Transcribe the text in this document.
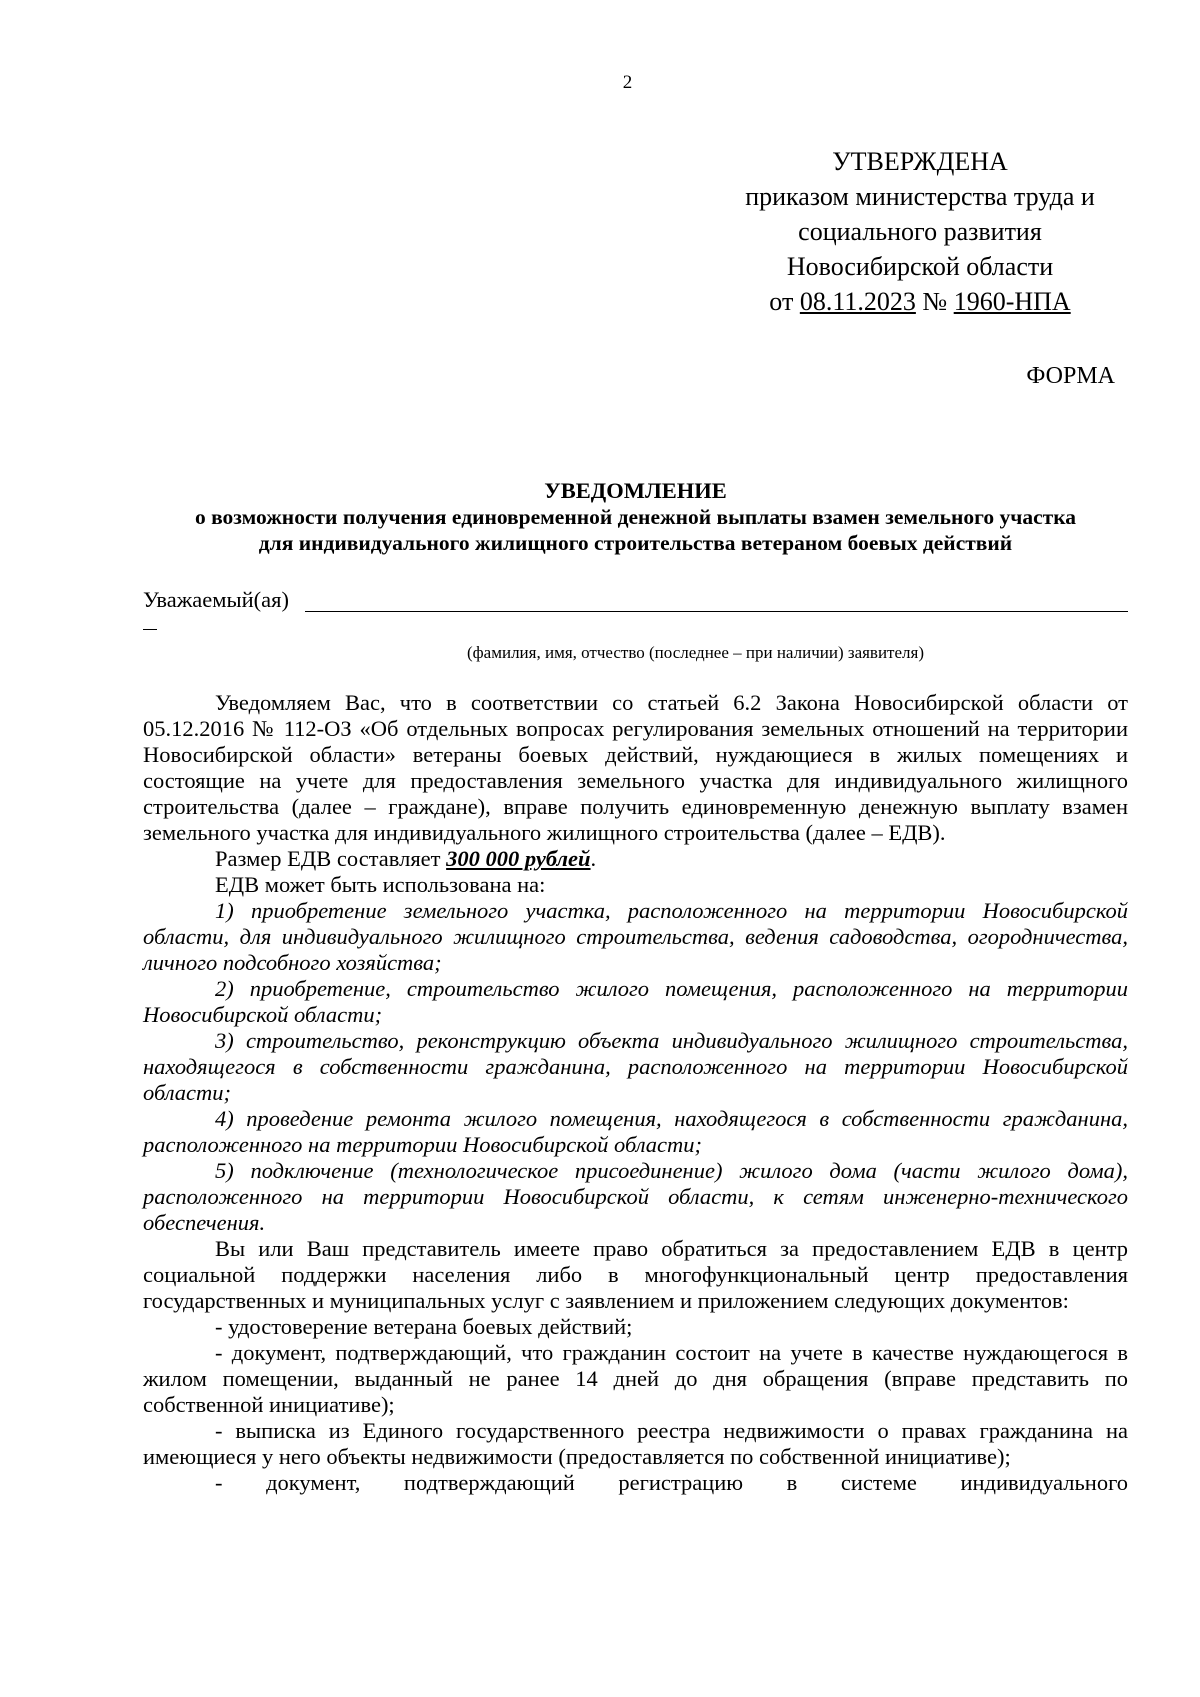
2
УТВЕРЖДЕНА
приказом министерства труда и
социального развития
Новосибирской области
от 08.11.2023 № 1960-НПА
ФОРМА
УВЕДОМЛЕНИЕ
о возможности получения единовременной денежной выплаты взамен земельного участка
для индивидуального жилищного строительства ветераном боевых действий
Уважаемый(ая)
(фамилия, имя, отчество (последнее – при наличии) заявителя)

Уведомляем Вас, что в соответствии со статьей 6.2 Закона Новосибирской области от 05.12.2016 № 112-ОЗ «Об отдельных вопросах регулирования земельных отношений на территории Новосибирской области» ветераны боевых действий, нуждающиеся в жилых помещениях и состоящие на учете для предоставления земельного участка для индивидуального жилищного строительства (далее – граждане), вправе получить единовременную денежную выплату взамен земельного участка для индивидуального жилищного строительства (далее – ЕДВ).

Размер ЕДВ составляет 300 000 рублей.

ЕДВ может быть использована на:

1) приобретение земельного участка, расположенного на территории Новосибирской области, для индивидуального жилищного строительства, ведения садоводства, огородничества, личного подсобного хозяйства;

2) приобретение, строительство жилого помещения, расположенного на территории Новосибирской области;

3) строительство, реконструкцию объекта индивидуального жилищного строительства, находящегося в собственности гражданина, расположенного на территории Новосибирской области;

4) проведение ремонта жилого помещения, находящегося в собственности гражданина, расположенного на территории Новосибирской области;

5) подключение (технологическое присоединение) жилого дома (части жилого дома), расположенного на территории Новосибирской области, к сетям инженерно-технического обеспечения.

Вы или Ваш представитель имеете право обратиться за предоставлением ЕДВ в центр социальной поддержки населения либо в многофункциональный центр предоставления государственных и муниципальных услуг с заявлением и приложением следующих документов:

- удостоверение ветерана боевых действий;

- документ, подтверждающий, что гражданин состоит на учете в качестве нуждающегося в жилом помещении, выданный не ранее 14 дней до дня обращения (вправе представить по собственной инициативе);

- выписка из Единого государственного реестра недвижимости о правах гражданина на имеющиеся у него объекты недвижимости (предоставляется по собственной инициативе);

- документ, подтверждающий регистрацию в системе индивидуального
